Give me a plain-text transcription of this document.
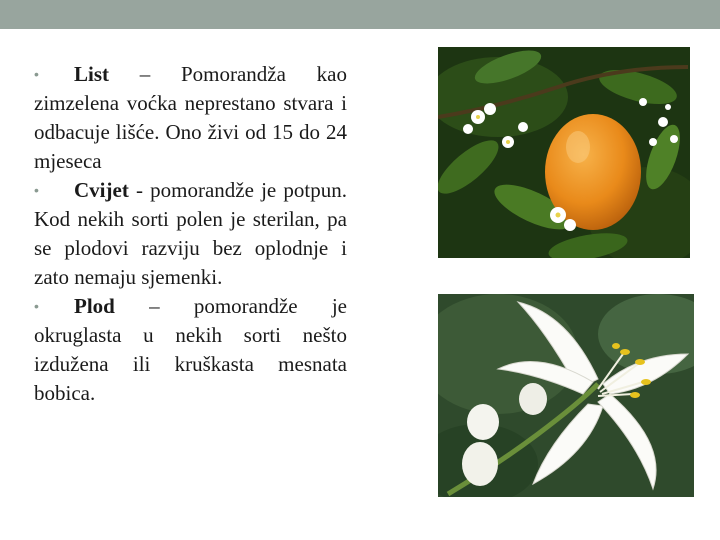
• List – Pomorandža kao zimzelena voćka neprestano stvara i odbacuje lišće. Ono živi od 15 do 24 mjeseca

• Cvijet - pomorandže je potpun. Kod nekih sorti polen je sterilan, pa se plodovi razviju bez oplodnje i zato nemaju sjemenki.

• Plod – pomorandže je okruglasta u nekih sorti nešto izdužena ili kruškasta mesnata bobica.
